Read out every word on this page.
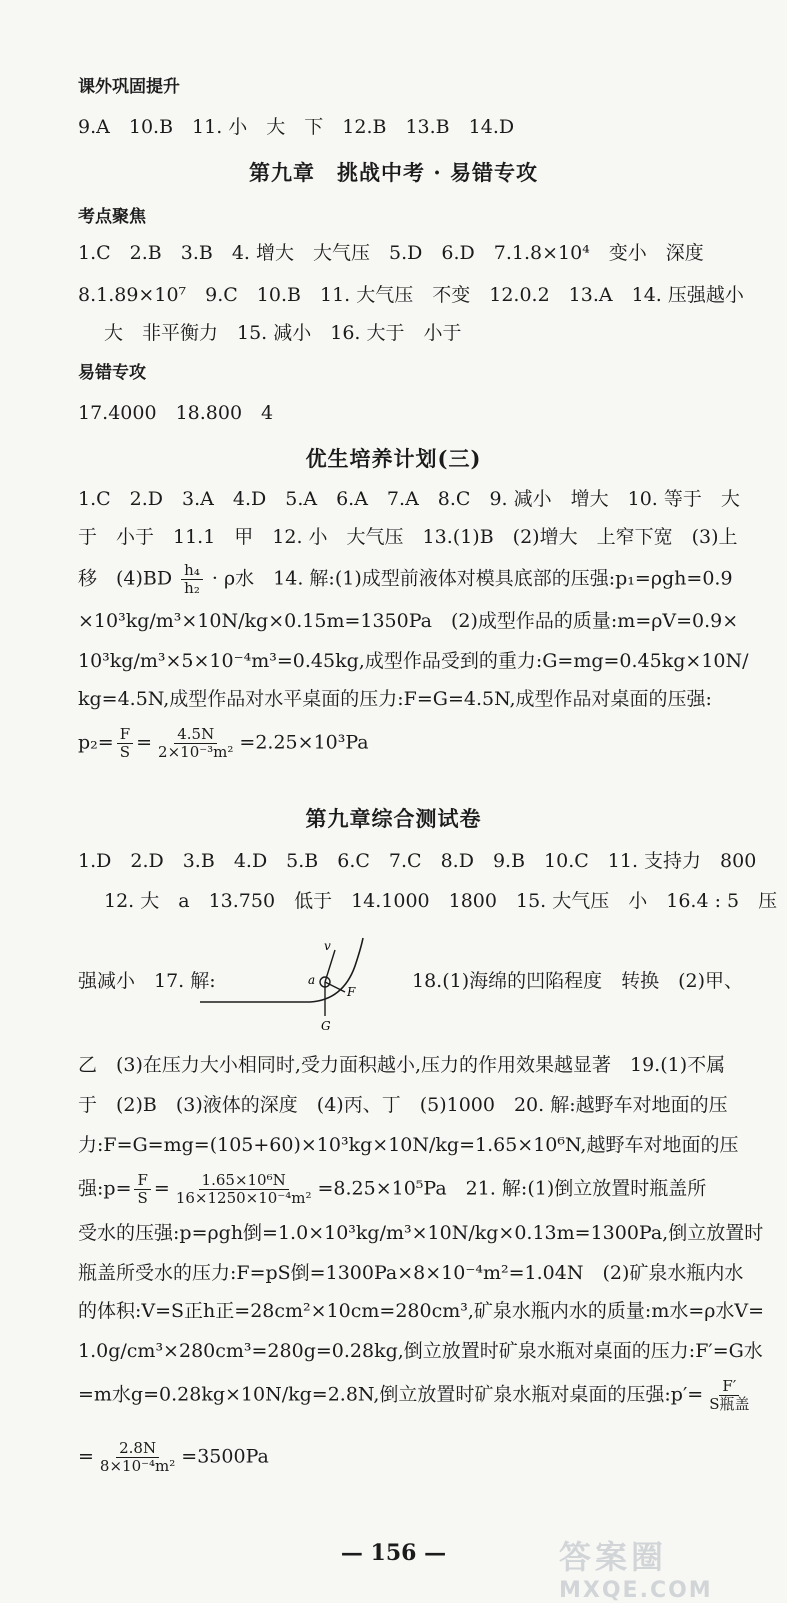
课外巩固提升
9.A　10.B　11. 小　大　下　12.B　13.B　14.D
第九章　挑战中考 · 易错专攻
考点聚焦
1.C　2.B　3.B　4. 增大　大气压　5.D　6.D　7.1.8×10⁴　变小　深度
8.1.89×10⁷　9.C　10.B　11. 大气压　不变　12.0.2　13.A　14. 压强越小
大　非平衡力　15. 减小　16. 大于　小于
易错专攻
17.4000　18.800　4
优生培养计划(三)
1.C　2.D　3.A　4.D　5.A　6.A　7.A　8.C　9. 减小　增大　10. 等于　大
于　小于　11.1　甲　12. 小　大气压　13.(1)B　(2)增大　上窄下宽　(3)上
移　$(4)BD \frac{\text{h₄}}{\text{h₂}} \cdot \rho$水　14. 解:(1)成型前液体对模具底部的压强:p₁=ρgh=0.9
×10³kg/m³×10N/kg×0.15m=1350Pa　(2)成型作品的质量:m=ρV=0.9×
10³kg/m³×5×10⁻⁴m³=0.45kg,成型作品受到的重力:G=mg=0.45kg×10N/
kg=4.5N,成型作品对水平桌面的压力:F=G=4.5N,成型作品对桌面的压强:
$p_2= \frac{F}{S} = \frac{4.5N}{\text{2×10⁻³m²}} =2.25\times 10^3Pa$
第九章综合测试卷
1.D　2.D　3.B　4.D　5.B　6.C　7.C　8.D　9.B　10.C　11. 支持力　800
12. 大　a　13.750　低于　14.1000　1800　15. 大气压　小　16.4 : 5　压
强减小　17. 解:	18.(1)海绵的凹陷程度　转换　(2)甲、
v
a
F
G
乙　(3)在压力大小相同时,受力面积越小,压力的作用效果越显著　19.(1)不属
于　(2)B　(3)液体的深度　(4)丙、丁　(5)1000　20. 解:越野车对地面的压
力:F=G=mg=(105+60)×10³kg×10N/kg=1.65×10⁶N,越野车对地面的压
强:p= $\frac{F}{S} = \frac{\text{1.65×10⁶N}}{\text{16×1250×10⁻⁴m²}} =8.25\times 10^5Pa$　21. 解:(1)倒立放置时瓶盖所
受水的压强:p=ρgh倒=1.0×10³kg/m³×10N/kg×0.13m=1300Pa,倒立放置时
瓶盖所受水的压力:F=pS倒=1300Pa×8×10⁻⁴m²=1.04N　(2)矿泉水瓶内水
的体积:V=S正h正=28cm²×10cm=280cm³,矿泉水瓶内水的质量:m水=ρ水V=
1.0g/cm³×280cm³=280g=0.28kg,倒立放置时矿泉水瓶对桌面的压力:F′=G水
=m水g=0.28kg×10N/kg=2.8N,倒立放置时矿泉水瓶对桌面的压强:p′= $\frac{F'}{\text{S瓶盖}}$
= $\frac{2.8N}{\text{8×10⁻⁴m²}} =3500Pa$
— 156 —	答案圈
MXQE.COM
